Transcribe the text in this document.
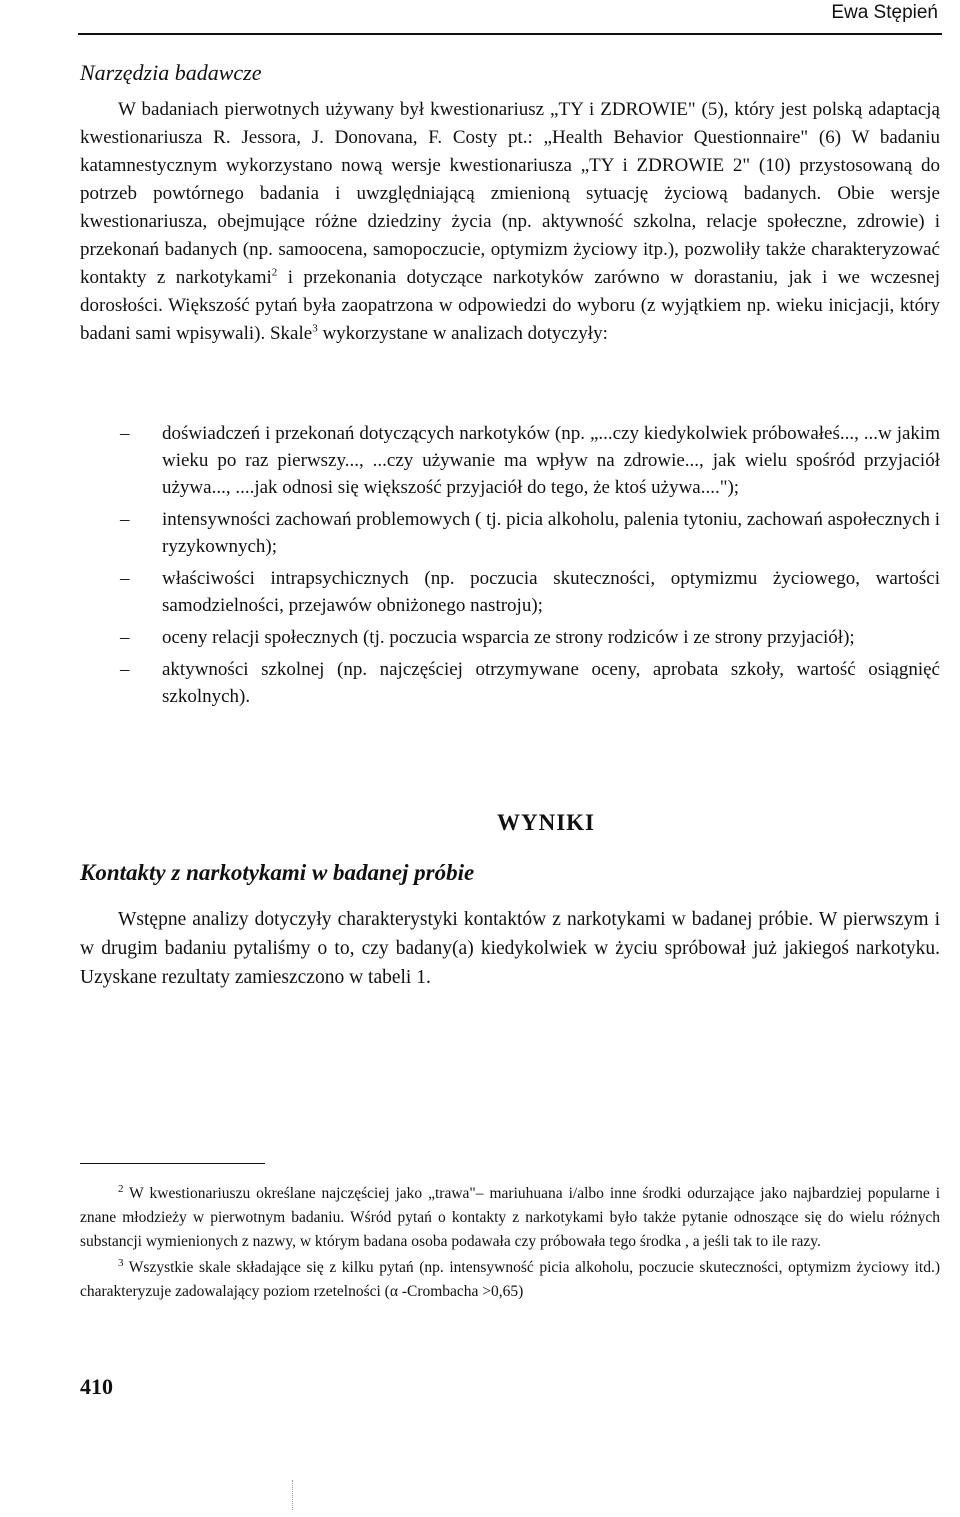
Ewa Stępień
Narzędzia badawcze

W badaniach pierwotnych używany był kwestionariusz „TY i ZDROWIE" (5), który jest polską adaptacją kwestionariusza R. Jessora, J. Donovana, F. Costy pt.: „Health Behavior Questionnaire" (6) W badaniu katamnestycznym wykorzystano nową wersje kwestionariusza „TY i ZDROWIE 2" (10) przystosowaną do potrzeb powtórnego badania i uwzględniającą zmienioną sytuację życiową badanych. Obie wersje kwestionariusza, obejmujące różne dziedziny życia (np. aktywność szkolna, relacje społeczne, zdrowie) i przekonań badanych (np. samoocena, samopoczucie, optymizm życiowy itp.), pozwoliły także charakteryzować kontakty z narkotykami$^2$ i przekonania dotyczące narkotyków zarówno w dorastaniu, jak i we wczesnej dorosłości. Większość pytań była zaopatrzona w odpowiedzi do wyboru (z wyjątkiem np. wieku inicjacji, który badani sami wpisywali). Skale$^3$ wykorzystane w analizach dotyczyły:

– doświadczeń i przekonań dotyczących narkotyków (np. „...czy kiedykolwiek próbowałeś..., ...w jakim wieku po raz pierwszy..., ...czy używanie ma wpływ na zdrowie..., jak wielu spośród przyjaciół używa..., ....jak odnosi się większość przyjaciół do tego, że ktoś używa....");
– intensywności zachowań problemowych ( tj. picia alkoholu, palenia tytoniu, zachowań aspołecznych i ryzykownych);
– właściwości intrapsychicznych (np. poczucia skuteczności, optymizmu życiowego, wartości samodzielności, przejawów obniżonego nastroju);
– oceny relacji społecznych (tj. poczucia wsparcia ze strony rodziców i ze strony przyjaciół);
– aktywności szkolnej (np. najczęściej otrzymywane oceny, aprobata szkoły, wartość osiągnięć szkolnych).
WYNIKI
Kontakty z narkotykami w badanej próbie

Wstępne analizy dotyczyły charakterystyki kontaktów z narkotykami w badanej próbie. W pierwszym i w drugim badaniu pytaliśmy o to, czy badany(a) kiedykolwiek w życiu spróbował już jakiegoś narkotyku. Uzyskane rezultaty zamieszczono w tabeli 1.

$^2$ W kwestionariuszu określane najczęściej jako „trawa"– mariuhuana i/albo inne środki odurzające jako najbardziej popularne i znane młodzieży w pierwotnym badaniu. Wśród pytań o kontakty z narkotykami było także pytanie odnoszące się do wielu różnych substancji wymienionych z nazwy, w którym badana osoba podawała czy próbowała tego środka , a jeśli tak to ile razy.

$^3$ Wszystkie skale składające się z kilku pytań (np. intensywność picia alkoholu, poczucie skuteczności, optymizm życiowy itd.) charakteryzuje zadowalający poziom rzetelności (α -Crombacha >0,65)

410
